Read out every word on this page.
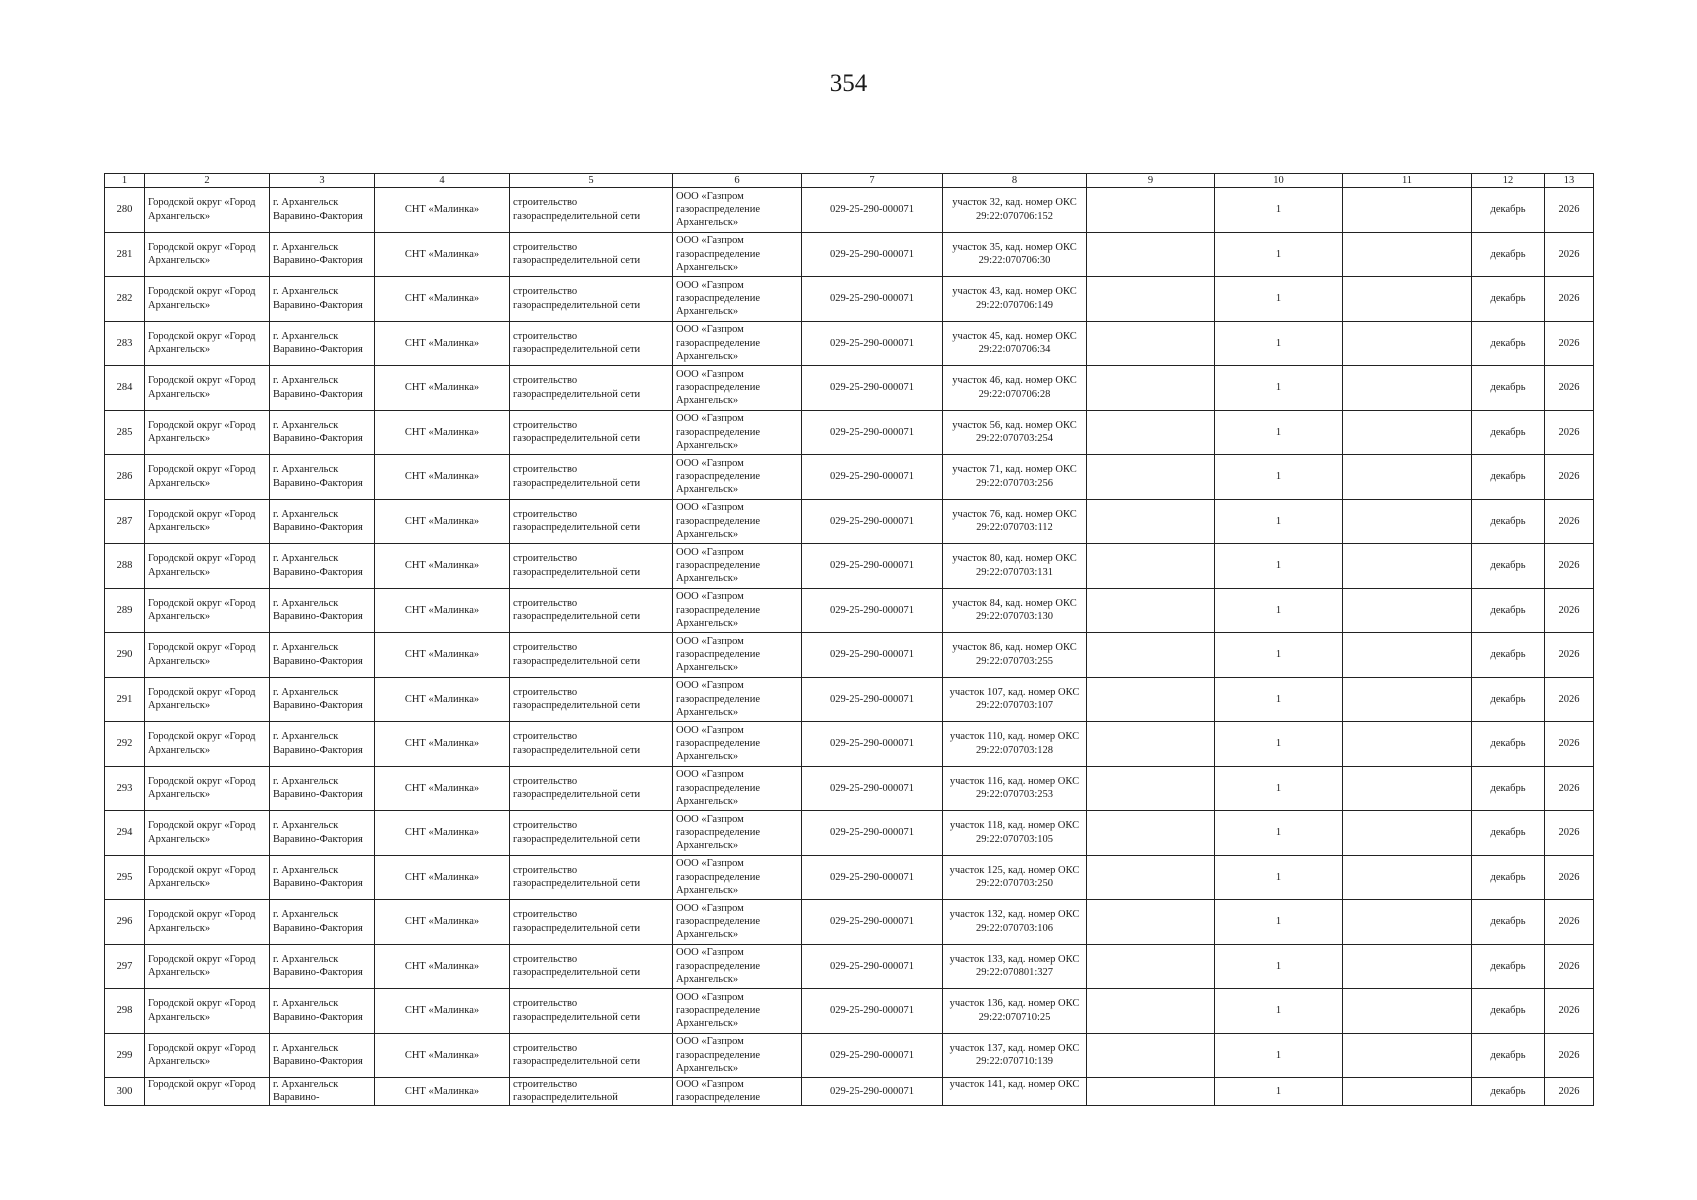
354
1	2	3	4	5	6	7	8	9	10	11	12	13
280	Городской округ «Город Архангельск»	г. Архангельск Варавино-Фактория	СНТ «Малинка»	строительство газораспределительной сети	ООО «Газпром газораспределение Архангельск»	029-25-290-000071	участок 32, кад. номер ОКС 29:22:070706:152		1		декабрь	2026
281	Городской округ «Город Архангельск»	г. Архангельск Варавино-Фактория	СНТ «Малинка»	строительство газораспределительной сети	ООО «Газпром газораспределение Архангельск»	029-25-290-000071	участок 35, кад. номер ОКС 29:22:070706:30		1		декабрь	2026
282	Городской округ «Город Архангельск»	г. Архангельск Варавино-Фактория	СНТ «Малинка»	строительство газораспределительной сети	ООО «Газпром газораспределение Архангельск»	029-25-290-000071	участок 43, кад. номер ОКС 29:22:070706:149		1		декабрь	2026
283	Городской округ «Город Архангельск»	г. Архангельск Варавино-Фактория	СНТ «Малинка»	строительство газораспределительной сети	ООО «Газпром газораспределение Архангельск»	029-25-290-000071	участок 45, кад. номер ОКС 29:22:070706:34		1		декабрь	2026
284	Городской округ «Город Архангельск»	г. Архангельск Варавино-Фактория	СНТ «Малинка»	строительство газораспределительной сети	ООО «Газпром газораспределение Архангельск»	029-25-290-000071	участок 46, кад. номер ОКС 29:22:070706:28		1		декабрь	2026
285	Городской округ «Город Архангельск»	г. Архангельск Варавино-Фактория	СНТ «Малинка»	строительство газораспределительной сети	ООО «Газпром газораспределение Архангельск»	029-25-290-000071	участок 56, кад. номер ОКС 29:22:070703:254		1		декабрь	2026
286	Городской округ «Город Архангельск»	г. Архангельск Варавино-Фактория	СНТ «Малинка»	строительство газораспределительной сети	ООО «Газпром газораспределение Архангельск»	029-25-290-000071	участок 71, кад. номер ОКС 29:22:070703:256		1		декабрь	2026
287	Городской округ «Город Архангельск»	г. Архангельск Варавино-Фактория	СНТ «Малинка»	строительство газораспределительной сети	ООО «Газпром газораспределение Архангельск»	029-25-290-000071	участок 76, кад. номер ОКС 29:22:070703:112		1		декабрь	2026
288	Городской округ «Город Архангельск»	г. Архангельск Варавино-Фактория	СНТ «Малинка»	строительство газораспределительной сети	ООО «Газпром газораспределение Архангельск»	029-25-290-000071	участок 80, кад. номер ОКС 29:22:070703:131		1		декабрь	2026
289	Городской округ «Город Архангельск»	г. Архангельск Варавино-Фактория	СНТ «Малинка»	строительство газораспределительной сети	ООО «Газпром газораспределение Архангельск»	029-25-290-000071	участок 84, кад. номер ОКС 29:22:070703:130		1		декабрь	2026
290	Городской округ «Город Архангельск»	г. Архангельск Варавино-Фактория	СНТ «Малинка»	строительство газораспределительной сети	ООО «Газпром газораспределение Архангельск»	029-25-290-000071	участок 86, кад. номер ОКС 29:22:070703:255		1		декабрь	2026
291	Городской округ «Город Архангельск»	г. Архангельск Варавино-Фактория	СНТ «Малинка»	строительство газораспределительной сети	ООО «Газпром газораспределение Архангельск»	029-25-290-000071	участок 107, кад. номер ОКС 29:22:070703:107		1		декабрь	2026
292	Городской округ «Город Архангельск»	г. Архангельск Варавино-Фактория	СНТ «Малинка»	строительство газораспределительной сети	ООО «Газпром газораспределение Архангельск»	029-25-290-000071	участок 110, кад. номер ОКС 29:22:070703:128		1		декабрь	2026
293	Городской округ «Город Архангельск»	г. Архангельск Варавино-Фактория	СНТ «Малинка»	строительство газораспределительной сети	ООО «Газпром газораспределение Архангельск»	029-25-290-000071	участок 116, кад. номер ОКС 29:22:070703:253		1		декабрь	2026
294	Городской округ «Город Архангельск»	г. Архангельск Варавино-Фактория	СНТ «Малинка»	строительство газораспределительной сети	ООО «Газпром газораспределение Архангельск»	029-25-290-000071	участок 118, кад. номер ОКС 29:22:070703:105		1		декабрь	2026
295	Городской округ «Город Архангельск»	г. Архангельск Варавино-Фактория	СНТ «Малинка»	строительство газораспределительной сети	ООО «Газпром газораспределение Архангельск»	029-25-290-000071	участок 125, кад. номер ОКС 29:22:070703:250		1		декабрь	2026
296	Городской округ «Город Архангельск»	г. Архангельск Варавино-Фактория	СНТ «Малинка»	строительство газораспределительной сети	ООО «Газпром газораспределение Архангельск»	029-25-290-000071	участок 132, кад. номер ОКС 29:22:070703:106		1		декабрь	2026
297	Городской округ «Город Архангельск»	г. Архангельск Варавино-Фактория	СНТ «Малинка»	строительство газораспределительной сети	ООО «Газпром газораспределение Архангельск»	029-25-290-000071	участок 133, кад. номер ОКС 29:22:070801:327		1		декабрь	2026
298	Городской округ «Город Архангельск»	г. Архангельск Варавино-Фактория	СНТ «Малинка»	строительство газораспределительной сети	ООО «Газпром газораспределение Архангельск»	029-25-290-000071	участок 136, кад. номер ОКС 29:22:070710:25		1		декабрь	2026
299	Городской округ «Город Архангельск»	г. Архангельск Варавино-Фактория	СНТ «Малинка»	строительство газораспределительной сети	ООО «Газпром газораспределение Архангельск»	029-25-290-000071	участок 137, кад. номер ОКС 29:22:070710:139		1		декабрь	2026
300	Городской округ «Город	г. Архангельск Варавино-	СНТ «Малинка»	строительство газораспределительной	ООО «Газпром газораспределение	029-25-290-000071	участок 141, кад. номер ОКС		1		декабрь	2026
